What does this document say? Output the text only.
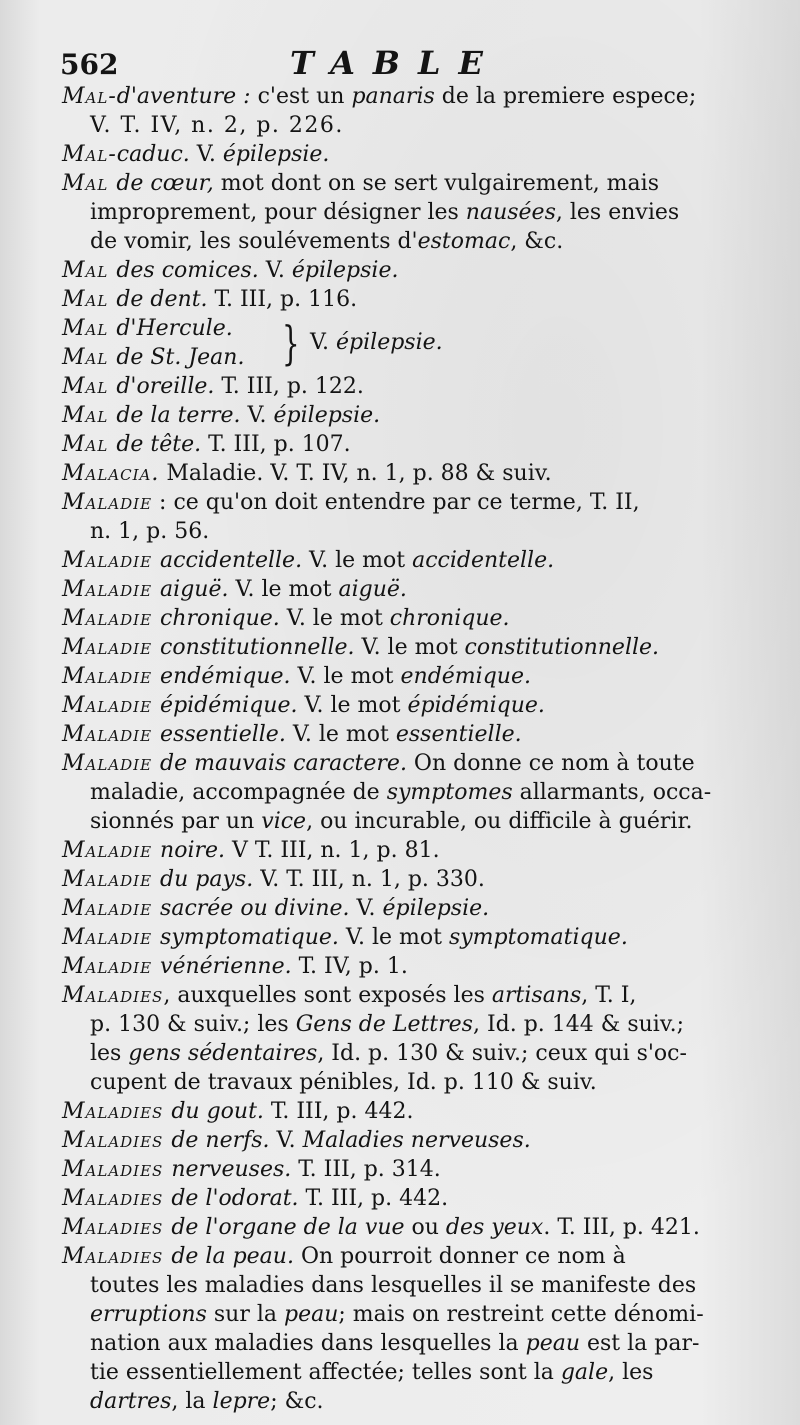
562	TABLE
Mal-d'aventure : c'est un panaris de la premiere espece;
V. T. IV, n. 2, p. 226.
Mal-caduc. V. épilepsie.
Mal de cœur, mot dont on se sert vulgairement, mais
improprement, pour désigner les nausées, les envies
de vomir, les soulévements d'estomac, &c.
Mal des comices. V. épilepsie.
Mal de dent. T. III, p. 116.
Mal d'Hercule.
Mal de St. Jean. } V. épilepsie.
Mal d'oreille. T. III, p. 122.
Mal de la terre. V. épilepsie.
Mal de tête. T. III, p. 107.
Malacia. Maladie. V. T. IV, n. 1, p. 88 & suiv.
Maladie : ce qu'on doit entendre par ce terme, T. II,
n. 1, p. 56.
Maladie accidentelle. V. le mot accidentelle.
Maladie aiguë. V. le mot aiguë.
Maladie chronique. V. le mot chronique.
Maladie constitutionnelle. V. le mot constitutionnelle.
Maladie endémique. V. le mot endémique.
Maladie épidémique. V. le mot épidémique.
Maladie essentielle. V. le mot essentielle.
Maladie de mauvais caractere. On donne ce nom à toute
maladie, accompagnée de symptomes allarmants, occa-
sionnés par un vice, ou incurable, ou difficile à guérir.
Maladie noire. V T. III, n. 1, p. 81.
Maladie du pays. V. T. III, n. 1, p. 330.
Maladie sacrée ou divine. V. épilepsie.
Maladie symptomatique. V. le mot symptomatique.
Maladie vénérienne. T. IV, p. 1.
Maladies, auxquelles sont exposés les artisans, T. I,
p. 130 & suiv.; les Gens de Lettres, Id. p. 144 & suiv.;
les gens sédentaires, Id. p. 130 & suiv.; ceux qui s'oc-
cupent de travaux pénibles, Id. p. 110 & suiv.
Maladies du gout. T. III, p. 442.
Maladies de nerfs. V. Maladies nerveuses.
Maladies nerveuses. T. III, p. 314.
Maladies de l'odorat. T. III, p. 442.
Maladies de l'organe de la vue ou des yeux. T. III, p. 421.
Maladies de la peau. On pourroit donner ce nom à
toutes les maladies dans lesquelles il se manifeste des
erruptions sur la peau; mais on restreint cette dénomi-
nation aux maladies dans lesquelles la peau est la par-
tie essentiellement affectée; telles sont la gale, les
dartres, la lepre; &c.
